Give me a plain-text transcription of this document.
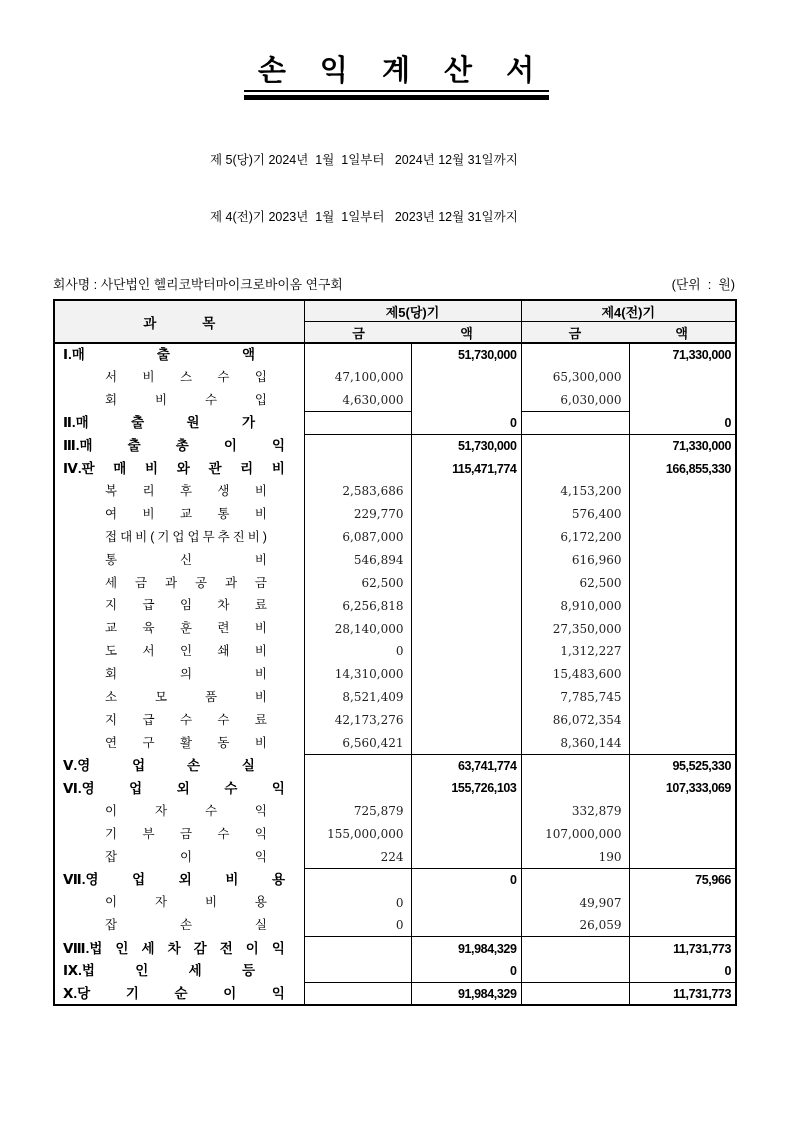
손 익 계 산 서

제 5(당)기 2024년  1월  1일부터   2024년 12월 31일까지

제 4(전)기 2023년  1월  1일부터   2023년 12월 31일까지

회사명 : 사단법인 헬리코박터마이크로바이옴 연구회	(단위  :  원)
과 목	제5(당)기		제4(전)기	

	금 액		금 액	

Ⅰ.매 출 액		51,730,000		71,330,000

서 비 스 수 입	47,100,000		65,300,000	

회 비 수 입	4,630,000		6,030,000	

Ⅱ.매 출 원 가		0		0

Ⅲ.매 출 총 이 익		51,730,000		71,330,000

Ⅳ.판 매 비 와 관 리 비		115,471,774		166,855,330

복 리 후 생 비	2,583,686		4,153,200	

여 비 교 통 비	229,770		576,400	

접 대 비 ( 기 업 업 무 추 진 비 )	6,087,000		6,172,200	

통 신 비	546,894		616,960	

세 금 과 공 과 금	62,500		62,500	

지 급 임 차 료	6,256,818		8,910,000	

교 육 훈 련 비	28,140,000		27,350,000	

도 서 인 쇄 비	0		1,312,227	

회 의 비	14,310,000		15,483,600	

소 모 품 비	8,521,409		7,785,745	

지 급 수 수 료	42,173,276		86,072,354	

연 구 활 동 비	6,560,421		8,360,144	

Ⅴ.영 업 손 실		63,741,774		95,525,330

Ⅵ.영 업 외 수 익		155,726,103		107,333,069

이 자 수 익	725,879		332,879	

기 부 금 수 익	155,000,000		107,000,000	

잡 이 익	224		190	

Ⅶ.영 업 외 비 용		0		75,966

이 자 비 용	0		49,907	

잡 손 실	0		26,059	

Ⅷ.법 인 세 차 감 전 이 익		91,984,329		11,731,773

Ⅸ.법 인 세 등		0		0

Ⅹ.당 기 순 이 익		91,984,329		11,731,773
